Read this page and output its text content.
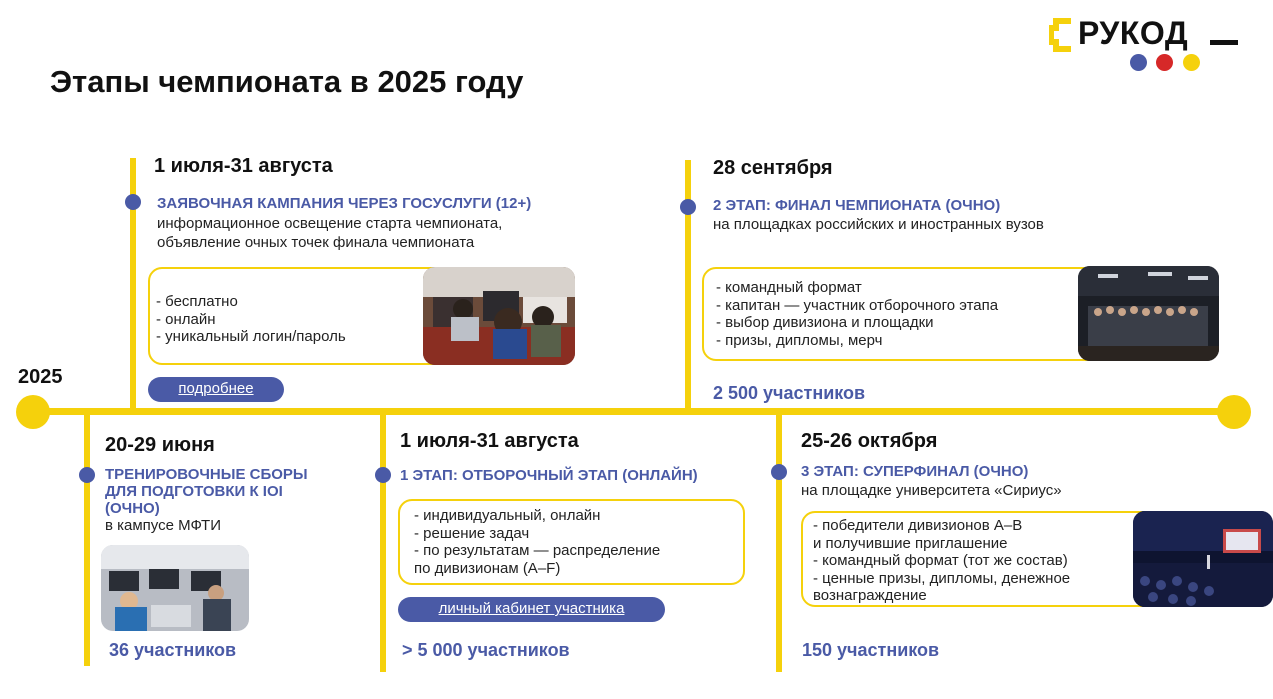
РУКОД
Этапы чемпионата в 2025 году
2025
1 июля-31 августа
ЗАЯВОЧНАЯ КАМПАНИЯ ЧЕРЕЗ ГОСУСЛУГИ (12+)
информационное освещение старта чемпионата,
объявление очных точек финала чемпионата
- бесплатно
- онлайн
- уникальный логин/пароль
подробнее
28 сентября
2 ЭТАП: ФИНАЛ ЧЕМПИОНАТА (ОЧНО)
на площадках российских и иностранных вузов
- командный формат
- капитан — участник отборочного этапа
- выбор дивизиона и площадки
- призы, дипломы, мерч
2 500 участников
20-29 июня
ТРЕНИРОВОЧНЫЕ СБОРЫ
ДЛЯ ПОДГОТОВКИ К IOI
(ОЧНО)
в кампусе МФТИ
36 участников
1 июля-31 августа
1 ЭТАП: ОТБОРОЧНЫЙ ЭТАП (ОНЛАЙН)
- индивидуальный, онлайн
- решение задач
- по результатам — распределение
по дивизионам (A–F)
личный кабинет участника
> 5 000 участников
25-26 октября
3 ЭТАП: СУПЕРФИНАЛ (ОЧНО)
на площадке университета «Сириус»
- победители дивизионов A–B
и получившие приглашение
- командный формат (тот же состав)
- ценные призы, дипломы, денежное
вознаграждение
150 участников
